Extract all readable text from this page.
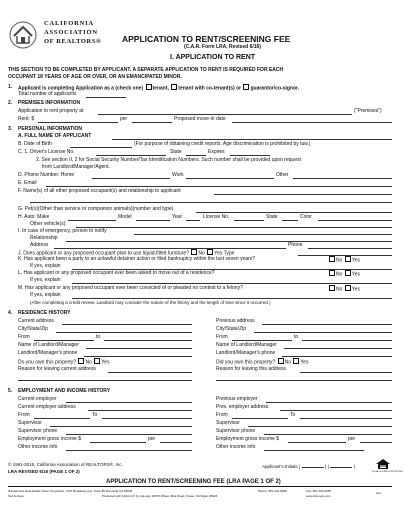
CALIFORNIA
ASSOCIATION
OF REALTORS® APPLICATION TO RENT/SCREENING FEE
(C.A.R. Form LRA, Revised 6/16)
I. APPLICATION TO RENT
THIS SECTION TO BE COMPLETED BY APPLICANT. A SEPARATE APPLICATION TO RENT IS REQUIRED FOR EACH
OCCUPANT 18 YEARS OF AGE OR OVER, OR AN EMANCIPATED MINOR.
1. Applicant is completing Application as a (check one) tenant, tenant with co-tenant(s) or guarantor/co-signor.
Total number of applicants
2. PREMISES INFORMATION
Application to rent property at	("Premises")
Rent: $	per	Proposed move-in date
3. PERSONAL INFORMATION
A. FULL NAME OF APPLICANT
B. Date of Birth	(For purpose of obtaining credit reports. Age discrimination is prohibited by law.)
C. 1. Driver's License No.	State	Expires
2. See section II, 2 for Social Security Number/Tax Identification Numbers. Such number shall be provided upon request
from Landlord/Manager/Agent.
D. Phone Number: Home	Work	Other
E. Email
F. Name(s) of all other proposed occupant(s) and relationship to applicant
G. Pet(s)(Other than service or companion animals)(number and type)
H. Auto: Make	Model	Year	License No.	State	Color
Other vehicle(s):
I. In case of emergency, person to notify
Relationship
Address	Phone
J. Does applicant or any proposed occupant plan to use liquid-filled furniture? No Yes Type
K. Has applicant been a party to an unlawful detainer action or filed bankruptcy within the last seven years?	No Yes
If yes, explain
L. Has applicant or any proposed occupant ever been asked to move out of a residence?	No Yes
If yes, explain
M. Has applicant or any proposed occupant ever been convicted of or pleaded no contest to a felony?	No Yes
If yes, explain
(After completing a credit review, Landlord may consider the nature of the felony and the length of time since it occurred.)
4. RESIDENCE HISTORY
Current address
City/State/Zip
From	to
Name of Landlord/Manager
Landlord/Manager's phone
Do you own this property? No Yes
Reason for leaving current address
Previous address
City/State/Zip
From	to
Name of Landlord/Manager
Landlord/Manager's phone
Did you own this property? No Yes
Reason for leaving this address
5. EMPLOYMENT AND INCOME HISTORY
Current employer
Current employer address
From	To
Supervisor
Supervisor phone
Employment gross income $	per
Other income info
Previous employer
Prev. employer address
From	To
Supervisor
Supervisor phone
Employment gross income $	per
Other income info
© 1991-2016, California Association of REALTORS®, Inc.
LRA REVISED 6/16 (PAGE 1 OF 2)
Applicant's Initials (	) (	)
EQUAL HOUSING OPPORTUNITY
APPLICATION TO RENT/SCREENING FEE (LRA PAGE 1 OF 2)
Windermere Real Estate Tower Properties, 7107 Broadway Ave, Suite 86 Riverside CA 92506	Phone: 951.234.5698	Fax: 951.482.6258	test
Ted Andrew	Produced with zipForm® by zipLogix 18070 Fifteen Mile Road, Fraser, Michigan 48026	www.zipLogix.com
